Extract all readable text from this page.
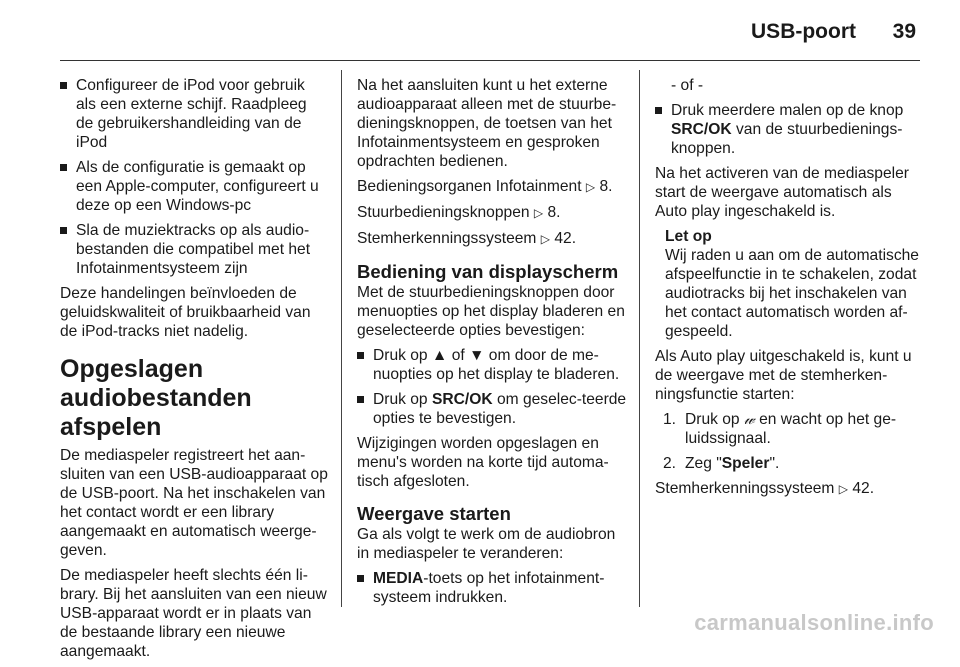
USB-poort 39
Configureer de iPod voor gebruik als een externe schijf. Raadpleeg de gebruikershandleiding van de iPod
Als de configuratie is gemaakt op een Apple-computer, configureert u deze op een Windows-pc
Sla de muziektracks op als audio-bestanden die compatibel met het Infotainmentsysteem zijn

Deze handelingen beïnvloeden de geluidskwaliteit of bruikbaarheid van de iPod-tracks niet nadelig.

Opgeslagen audiobestanden afspelen

De mediaspeler registreert het aan-sluiten van een USB-audioapparaat op de USB-poort. Na het inschakelen van het contact wordt er een library aangemaakt en automatisch weerge-geven.

De mediaspeler heeft slechts één li-brary. Bij het aansluiten van een nieuw USB-apparaat wordt er in plaats van de bestaande library een nieuwe aangemaakt.

Na het aansluiten kunt u het externe audioapparaat alleen met de stuurbe-dieningsknoppen, de toetsen van het Infotainmentsysteem en gesproken opdrachten bedienen.

Bedieningsorganen Infotainment ▷ 8.

Stuurbedieningsknoppen ▷ 8.

Stemherkenningssysteem ▷ 42.

Bediening van displayscherm

Met de stuurbedieningsknoppen door menuopties op het display bladeren en geselecteerde opties bevestigen:

Druk op ▲ of ▼ om door de me-nuopties op het display te bladeren.
Druk op SRC/OK om geselec-teerde opties te bevestigen.

Wijzigingen worden opgeslagen en menu's worden na korte tijd automa-tisch afgesloten.

Weergave starten

Ga als volgt te werk om de audiobron in mediaspeler te veranderen:

MEDIA-toets op het infotainment-systeem indrukken.

- of -

Druk meerdere malen op de knop SRC/OK van de stuurbedienings-knoppen.

Na het activeren van de mediaspeler start de weergave automatisch als Auto play ingeschakeld is.

Let op
Wij raden u aan om de automatische afspeelfunctie in te schakelen, zodat audiotracks bij het inschakelen van het contact automatisch worden af-gespeeld.

Als Auto play uitgeschakeld is, kunt u de weergave met de stemherken-ningsfunctie starten:

1. Druk op 𝓌 en wacht op het ge-luidssignaal.
2. Zeg "Speler".

Stemherkenningssysteem ▷ 42.

carmanualsonline.info
